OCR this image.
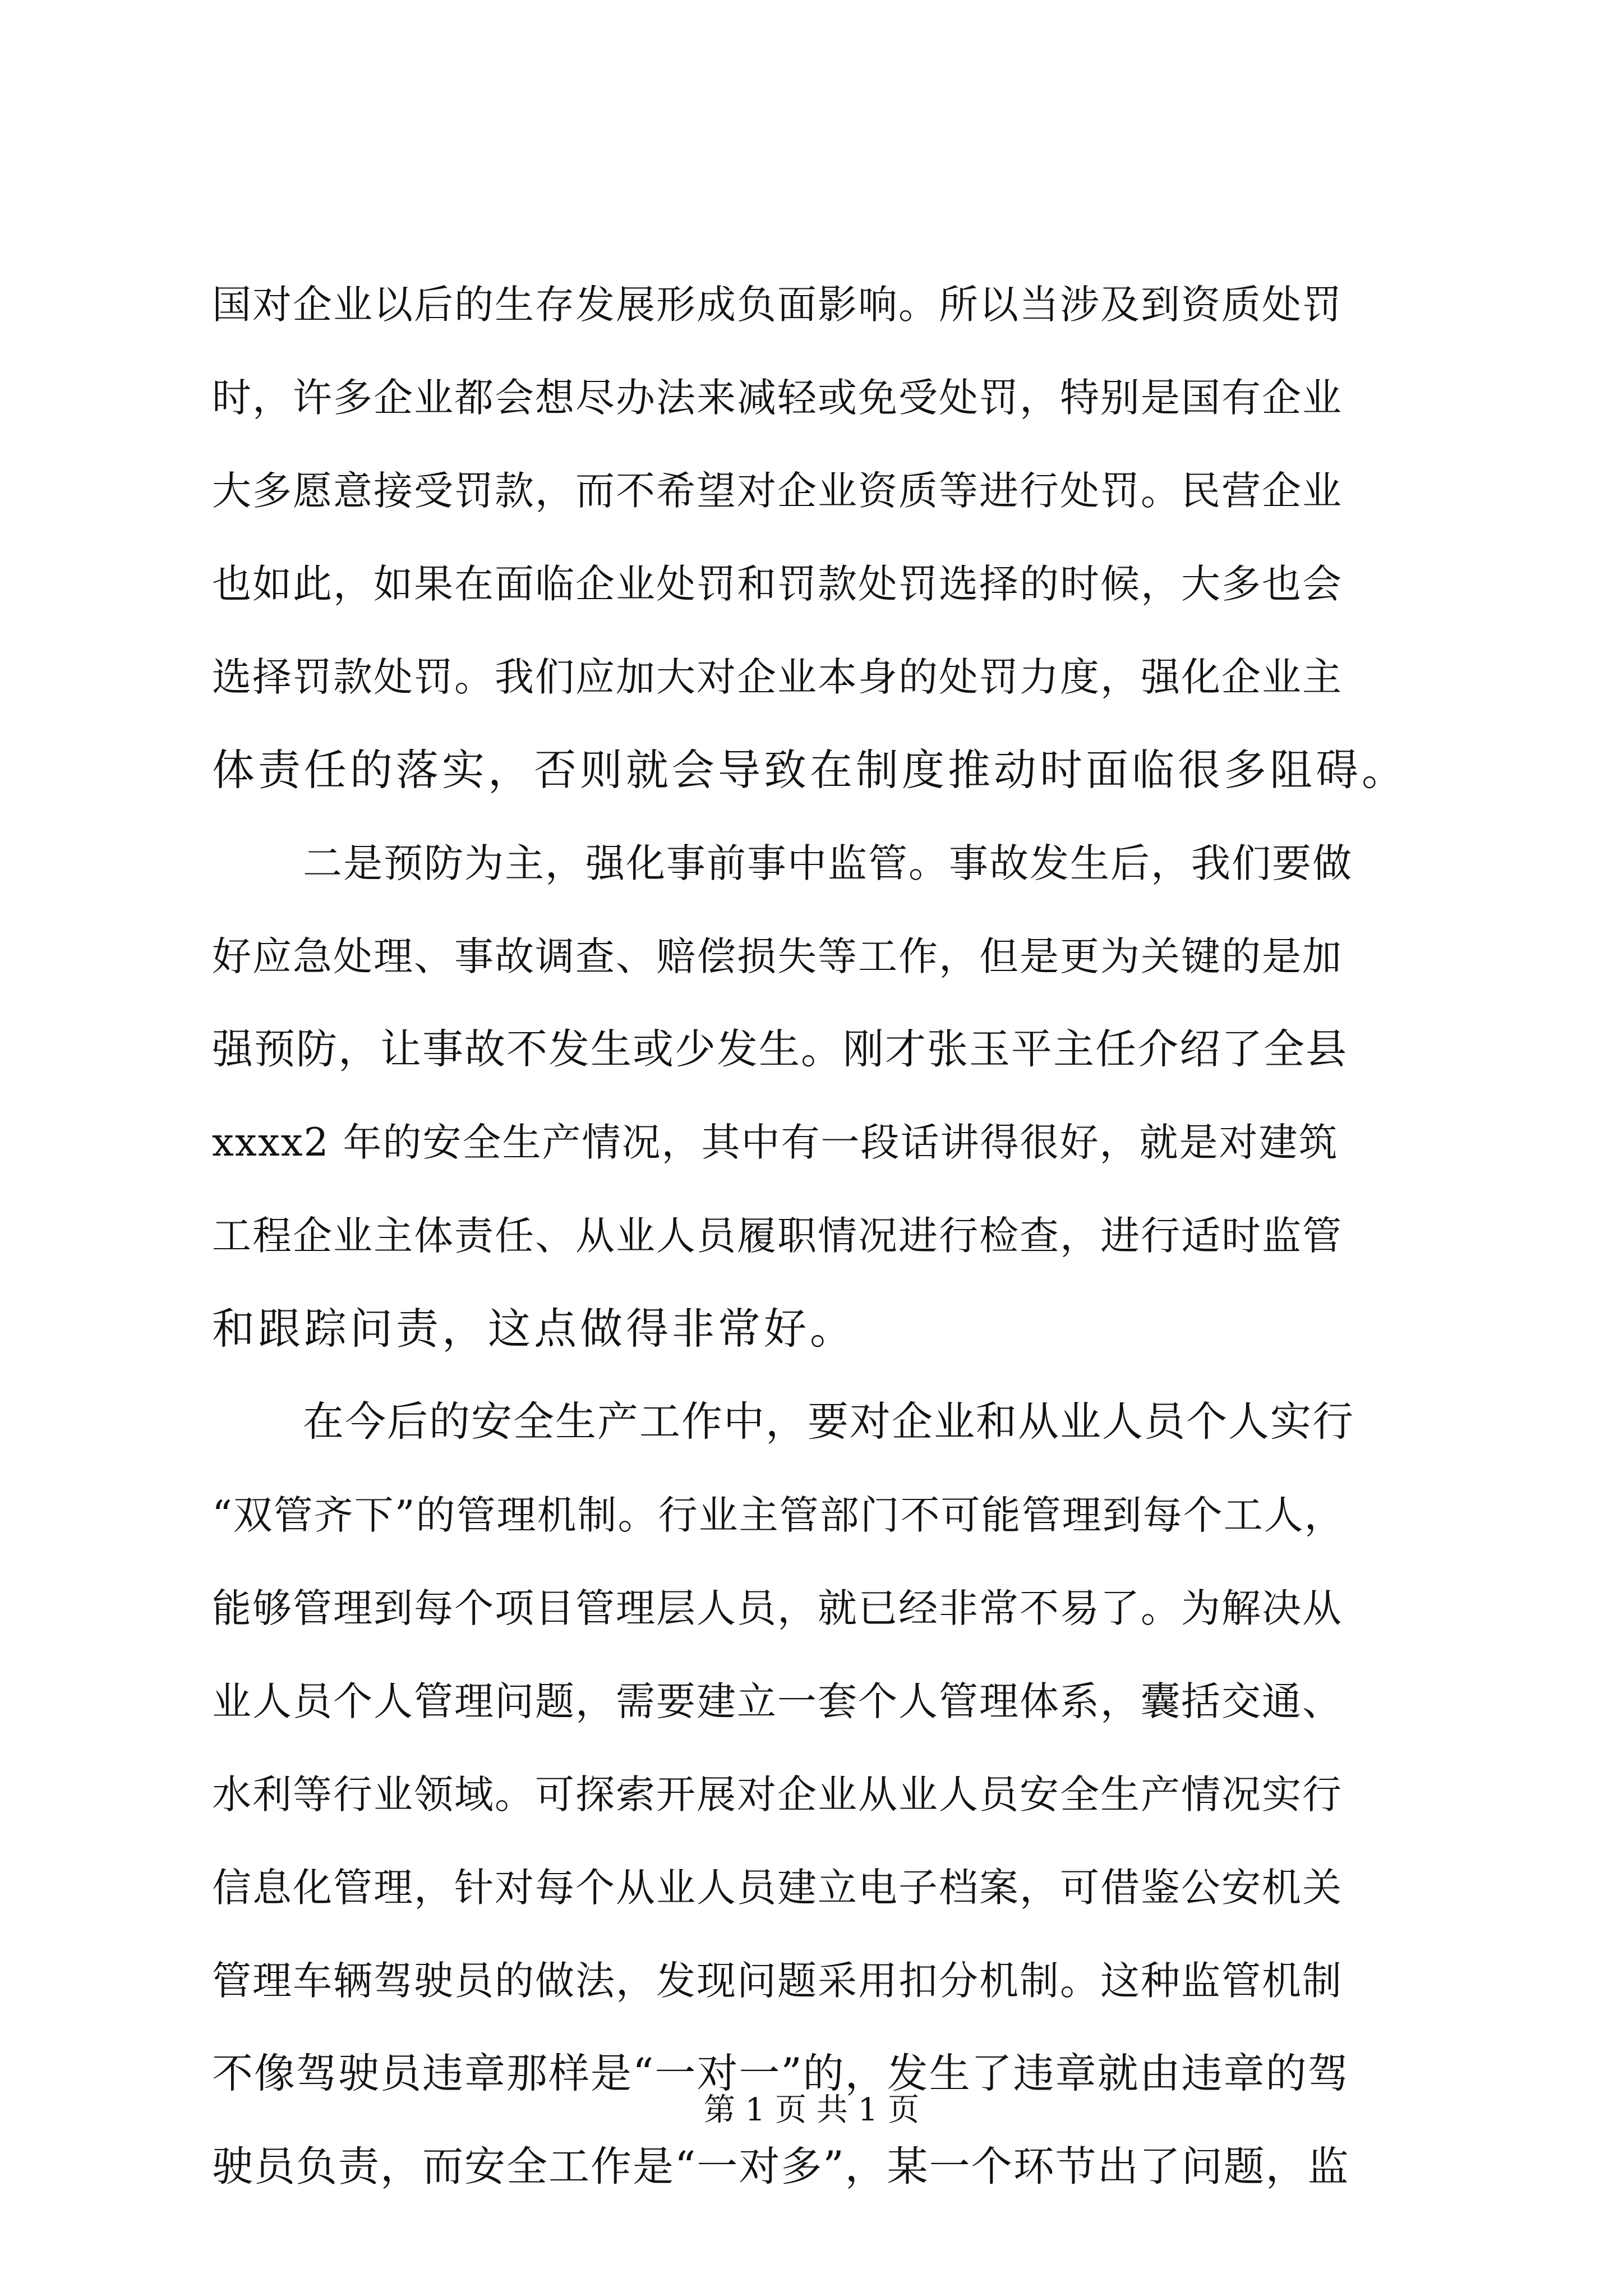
国对企业以后的生存发展形成负面影响。所以当涉及到资质处罚
时，许多企业都会想尽办法来减轻或免受处罚，特别是国有企业
大多愿意接受罚款，而不希望对企业资质等进行处罚。民营企业
也如此，如果在面临企业处罚和罚款处罚选择的时候，大多也会
选择罚款处罚。我们应加大对企业本身的处罚力度，强化企业主
体责任的落实，否则就会导致在制度推动时面临很多阻碍。
二是预防为主，强化事前事中监管。事故发生后，我们要做
好应急处理、事故调查、赔偿损失等工作，但是更为关键的是加
强预防，让事故不发生或少发生。刚才张玉平主任介绍了全县
xxxx2 年的安全生产情况，其中有一段话讲得很好，就是对建筑
工程企业主体责任、从业人员履职情况进行检查，进行适时监管
和跟踪问责，这点做得非常好。
在今后的安全生产工作中，要对企业和从业人员个人实行
“双管齐下”的管理机制。行业主管部门不可能管理到每个工人，
能够管理到每个项目管理层人员，就已经非常不易了。为解决从
业人员个人管理问题，需要建立一套个人管理体系，囊括交通、
水利等行业领域。可探索开展对企业从业人员安全生产情况实行
信息化管理，针对每个从业人员建立电子档案，可借鉴公安机关
管理车辆驾驶员的做法，发现问题采用扣分机制。这种监管机制
不像驾驶员违章那样是“一对一”的，发生了违章就由违章的驾
驶员负责，而安全工作是“一对多”，某一个环节出了问题，监
第 1 页 共 1 页
